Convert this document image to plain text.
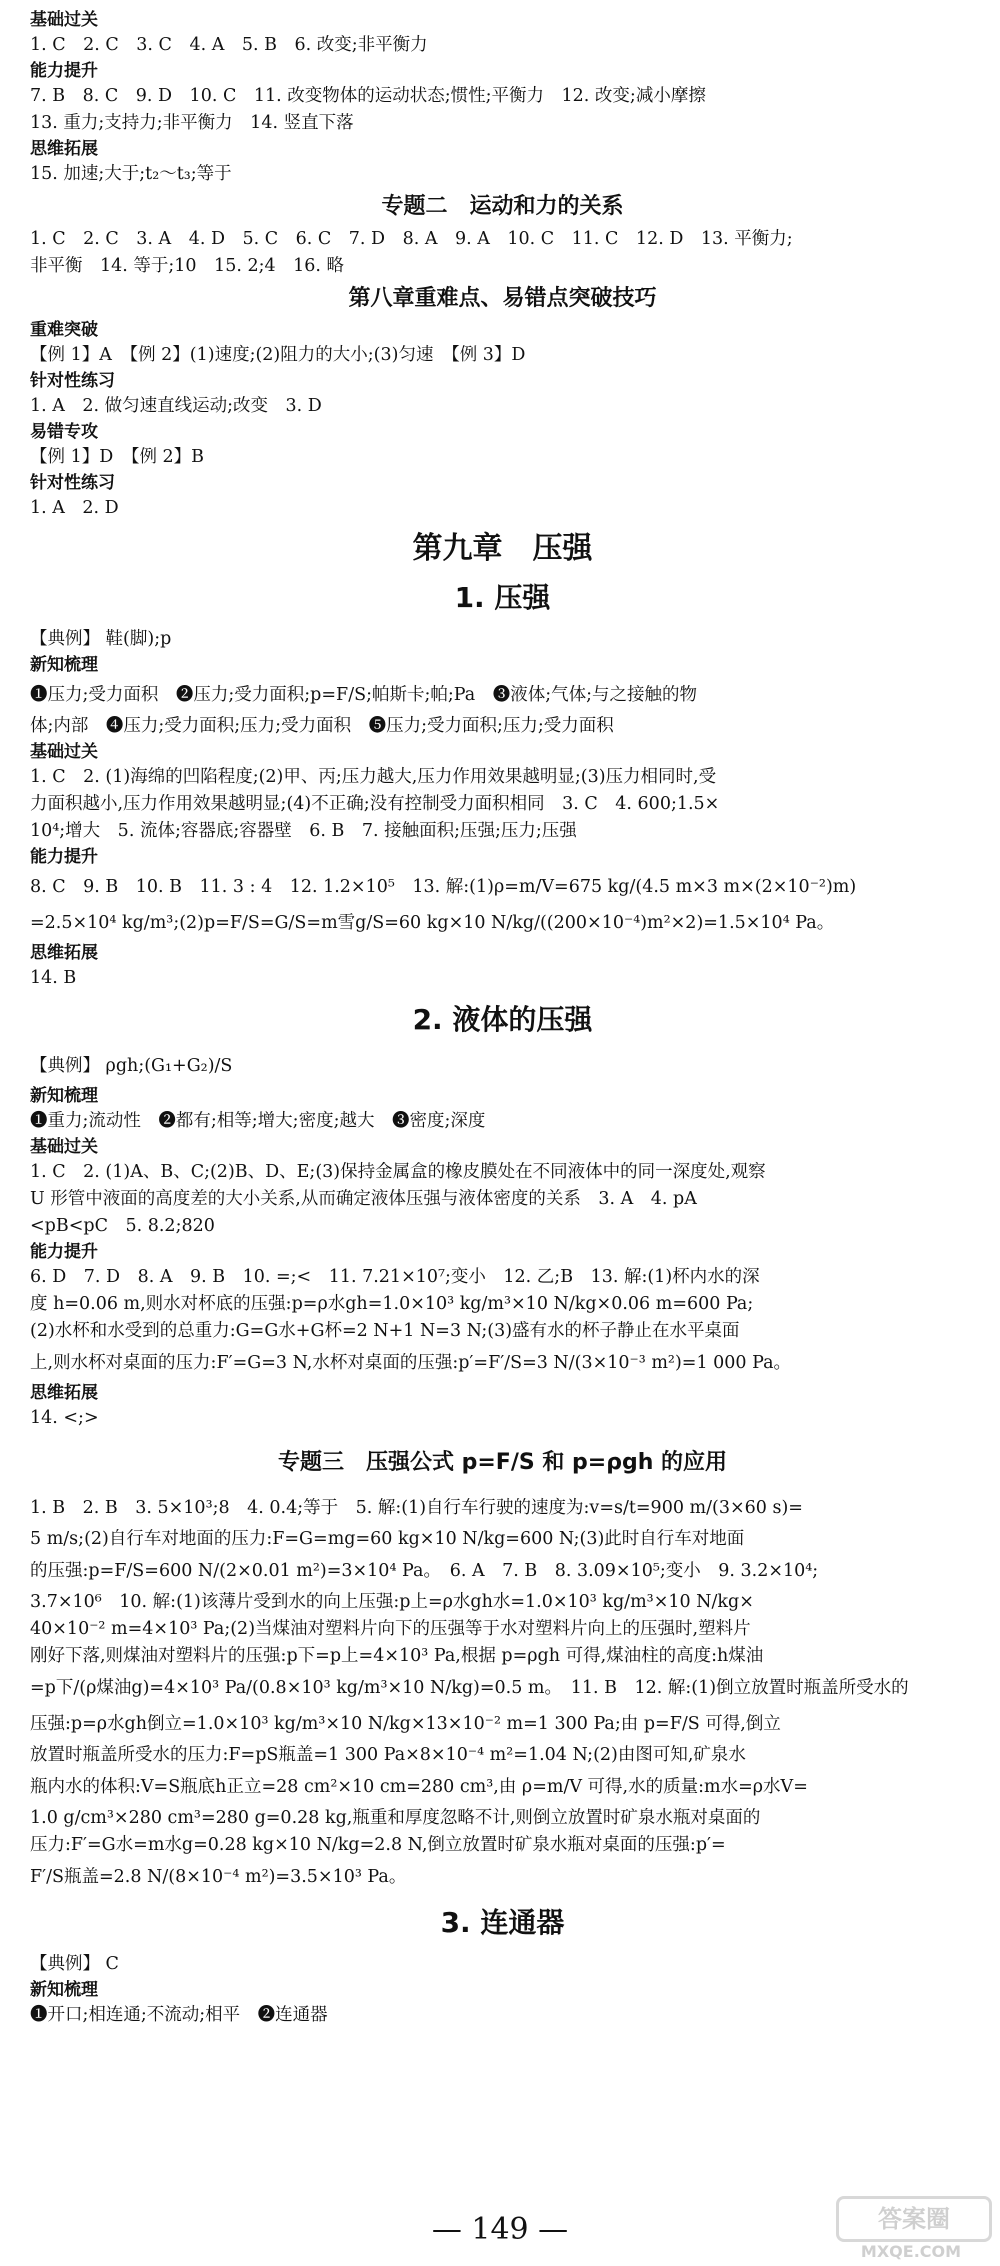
基础过关

1. C　2. C　3. C　4. A　5. B　6. 改变;非平衡力

能力提升

7. B　8. C　9. D　10. C　11. 改变物体的运动状态;惯性;平衡力　12. 改变;减小摩擦

13. 重力;支持力;非平衡力　14. 竖直下落

思维拓展

15. 加速;大于;t₂～t₃;等于

专题二　运动和力的关系

1. C　2. C　3. A　4. D　5. C　6. C　7. D　8. A　9. A　10. C　11. C　12. D　13. 平衡力;

非平衡　14. 等于;10　15. 2;4　16. 略

第八章重难点、易错点突破技巧

重难突破

【例 1】A　【例 2】(1)速度;(2)阻力的大小;(3)匀速　【例 3】D

针对性练习

1. A　2. 做匀速直线运动;改变　3. D

易错专攻

【例 1】D　【例 2】B

针对性练习

1. A　2. D

第九章　压强

1. 压强

【典例】 鞋(脚);p

新知梳理

❶压力;受力面积　❷压力;受力面积;p=F/S;帕斯卡;帕;Pa　❸液体;气体;与之接触的物

体;内部　❹压力;受力面积;压力;受力面积　❺压力;受力面积;压力;受力面积

基础过关

1. C　2. (1)海绵的凹陷程度;(2)甲、丙;压力越大,压力作用效果越明显;(3)压力相同时,受

力面积越小,压力作用效果越明显;(4)不正确;没有控制受力面积相同　3. C　4. 600;1.5×

10⁴;增大　5. 流体;容器底;容器壁　6. B　7. 接触面积;压强;压力;压强

能力提升

8. C　9. B　10. B　11. 3 : 4　12. 1.2×10⁵　13. 解:(1)ρ=m/V=675 kg/(4.5 m×3 m×(2×10⁻²)m)

=2.5×10⁴ kg/m³;(2)p=F/S=G/S=m雪g/S=60 kg×10 N/kg/((200×10⁻⁴)m²×2)=1.5×10⁴ Pa。

思维拓展

14. B

2. 液体的压强

【典例】 ρgh;(G₁+G₂)/S

新知梳理

❶重力;流动性　❷都有;相等;增大;密度;越大　❸密度;深度

基础过关

1. C　2. (1)A、B、C;(2)B、D、E;(3)保持金属盒的橡皮膜处在不同液体中的同一深度处,观察

U 形管中液面的高度差的大小关系,从而确定液体压强与液体密度的关系　3. A　4. pA

<pB<pC　5. 8.2;820

能力提升

6. D　7. D　8. A　9. B　10. =;<　11. 7.21×10⁷;变小　12. 乙;B　13. 解:(1)杯内水的深

度 h=0.06 m,则水对杯底的压强:p=ρ水gh=1.0×10³ kg/m³×10 N/kg×0.06 m=600 Pa;

(2)水杯和水受到的总重力:G=G水+G杯=2 N+1 N=3 N;(3)盛有水的杯子静止在水平桌面

上,则水杯对桌面的压力:F′=G=3 N,水杯对桌面的压强:p′=F′/S=3 N/(3×10⁻³ m²)=1 000 Pa。

思维拓展

14. <;>

专题三　压强公式 p=F/S 和 p=ρgh 的应用

1. B　2. B　3. 5×10³;8　4. 0.4;等于　5. 解:(1)自行车行驶的速度为:v=s/t=900 m/(3×60 s)=

5 m/s;(2)自行车对地面的压力:F=G=mg=60 kg×10 N/kg=600 N;(3)此时自行车对地面

的压强:p=F/S=600 N/(2×0.01 m²)=3×10⁴ Pa。　6. A　7. B　8. 3.09×10⁵;变小　9. 3.2×10⁴;

3.7×10⁶　10. 解:(1)该薄片受到水的向上压强:p上=ρ水gh水=1.0×10³ kg/m³×10 N/kg×

40×10⁻² m=4×10³ Pa;(2)当煤油对塑料片向下的压强等于水对塑料片向上的压强时,塑料片

刚好下落,则煤油对塑料片的压强:p下=p上=4×10³ Pa,根据 p=ρgh 可得,煤油柱的高度:h煤油

=p下/(ρ煤油g)=4×10³ Pa/(0.8×10³ kg/m³×10 N/kg)=0.5 m。　11. B　12. 解:(1)倒立放置时瓶盖所受水的

压强:p=ρ水gh倒立=1.0×10³ kg/m³×10 N/kg×13×10⁻² m=1 300 Pa;由 p=F/S 可得,倒立

放置时瓶盖所受水的压力:F=pS瓶盖=1 300 Pa×8×10⁻⁴ m²=1.04 N;(2)由图可知,矿泉水

瓶内水的体积:V=S瓶底h正立=28 cm²×10 cm=280 cm³,由 ρ=m/V 可得,水的质量:m水=ρ水V=

1.0 g/cm³×280 cm³=280 g=0.28 kg,瓶重和厚度忽略不计,则倒立放置时矿泉水瓶对桌面的

压力:F′=G水=m水g=0.28 kg×10 N/kg=2.8 N,倒立放置时矿泉水瓶对桌面的压强:p′=

F′/S瓶盖=2.8 N/(8×10⁻⁴ m²)=3.5×10³ Pa。

3. 连通器

【典例】 C

新知梳理

❶开口;相连通;不流动;相平　❷连通器

— 149 —	答案圈
MXQE.COM
